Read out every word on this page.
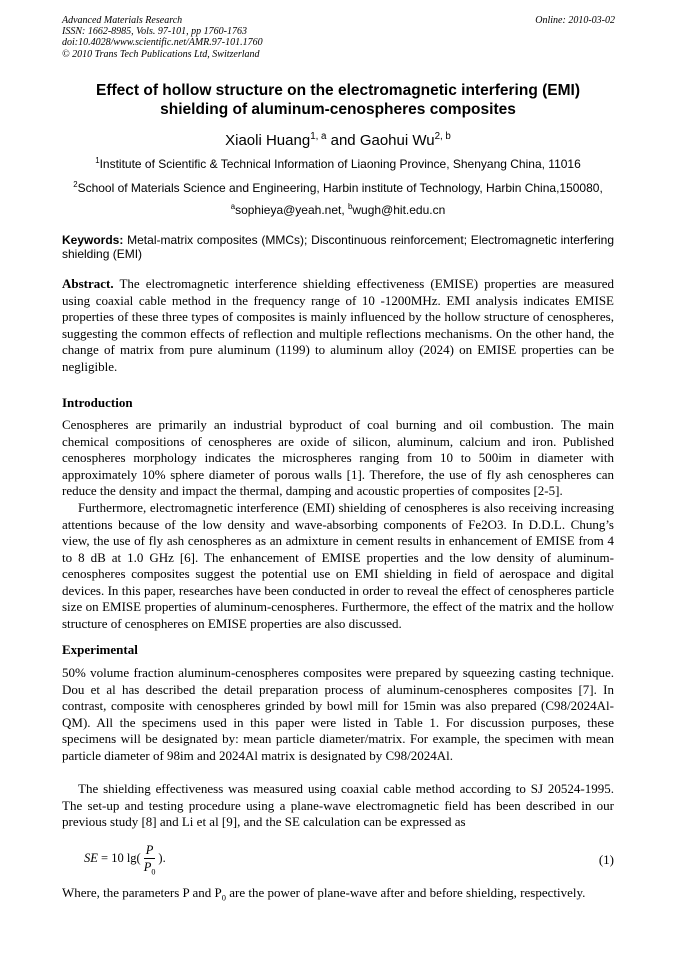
Advanced Materials Research
ISSN: 1662-8985, Vols. 97-101, pp 1760-1763
doi:10.4028/www.scientific.net/AMR.97-101.1760
© 2010 Trans Tech Publications Ltd, Switzerland
Online: 2010-03-02
Effect of hollow structure on the electromagnetic interfering (EMI)
shielding of aluminum-cenospheres composites
Xiaoli Huang$^{1, a}$ and Gaohui Wu$^{2, b}$
$^1$Institute of Scientific & Technical Information of Liaoning Province, Shenyang China, 11016
$^2$School of Materials Science and Engineering, Harbin institute of Technology, Harbin China,150080,
$^a$sophieya@yeah.net, $^b$wugh@hit.edu.cn
Keywords: Metal-matrix composites (MMCs); Discontinuous reinforcement; Electromagnetic interfering shielding (EMI)
Abstract. The electromagnetic interference shielding effectiveness (EMISE) properties are measured using coaxial cable method in the frequency range of 10 -1200MHz. EMI analysis indicates EMISE properties of these three types of composites is mainly influenced by the hollow structure of cenospheres, suggesting the common effects of reflection and multiple reflections mechanisms. On the other hand, the change of matrix from pure aluminum (1199) to aluminum alloy (2024) on EMISE properties can be negligible.
Introduction
Cenospheres are primarily an industrial byproduct of coal burning and oil combustion. The main chemical compositions of cenospheres are oxide of silicon, aluminum, calcium and iron. Published cenospheres morphology indicates the microspheres ranging from 10 to 500im in diameter with approximately 10% sphere diameter of porous walls [1]. Therefore, the use of fly ash cenospheres can reduce the density and impact the thermal, damping and acoustic properties of composites [2-5].
Furthermore, electromagnetic interference (EMI) shielding of cenospheres is also receiving increasing attentions because of the low density and wave-absorbing components of Fe2O3. In D.D.L. Chung’s view, the use of fly ash cenospheres as an admixture in cement results in enhancement of EMISE from 4 to 8 dB at 1.0 GHz [6]. The enhancement of EMISE properties and the low density of aluminum-cenospheres composites suggest the potential use on EMI shielding in field of aerospace and digital devices. In this paper, researches have been conducted in order to reveal the effect of cenospheres particle size on EMISE properties of aluminum-cenospheres. Furthermore, the effect of the matrix and the hollow structure of cenospheres on EMISE properties are also discussed.
Experimental
50% volume fraction aluminum-cenospheres composites were prepared by squeezing casting technique. Dou et al has described the detail preparation process of aluminum-cenospheres composites [7]. In contrast, composite with cenospheres grinded by bowl mill for 15min was also prepared (C98/2024Al-QM). All the specimens used in this paper were listed in Table 1. For discussion purposes, these specimens will be designated by: mean particle diameter/matrix. For example, the specimen with mean particle diameter of 98im and 2024Al matrix is designated by C98/2024Al.
The shielding effectiveness was measured using coaxial cable method according to SJ 20524-1995. The set-up and testing procedure using a plane-wave electromagnetic field has been described in our previous study [8] and Li et al [9], and the SE calculation can be expressed as
SE = 10 $\lg( \frac{P}{P_0}$ ).	(1)
Where, the parameters P and $P_0$ are the power of plane-wave after and before shielding, respectively.
